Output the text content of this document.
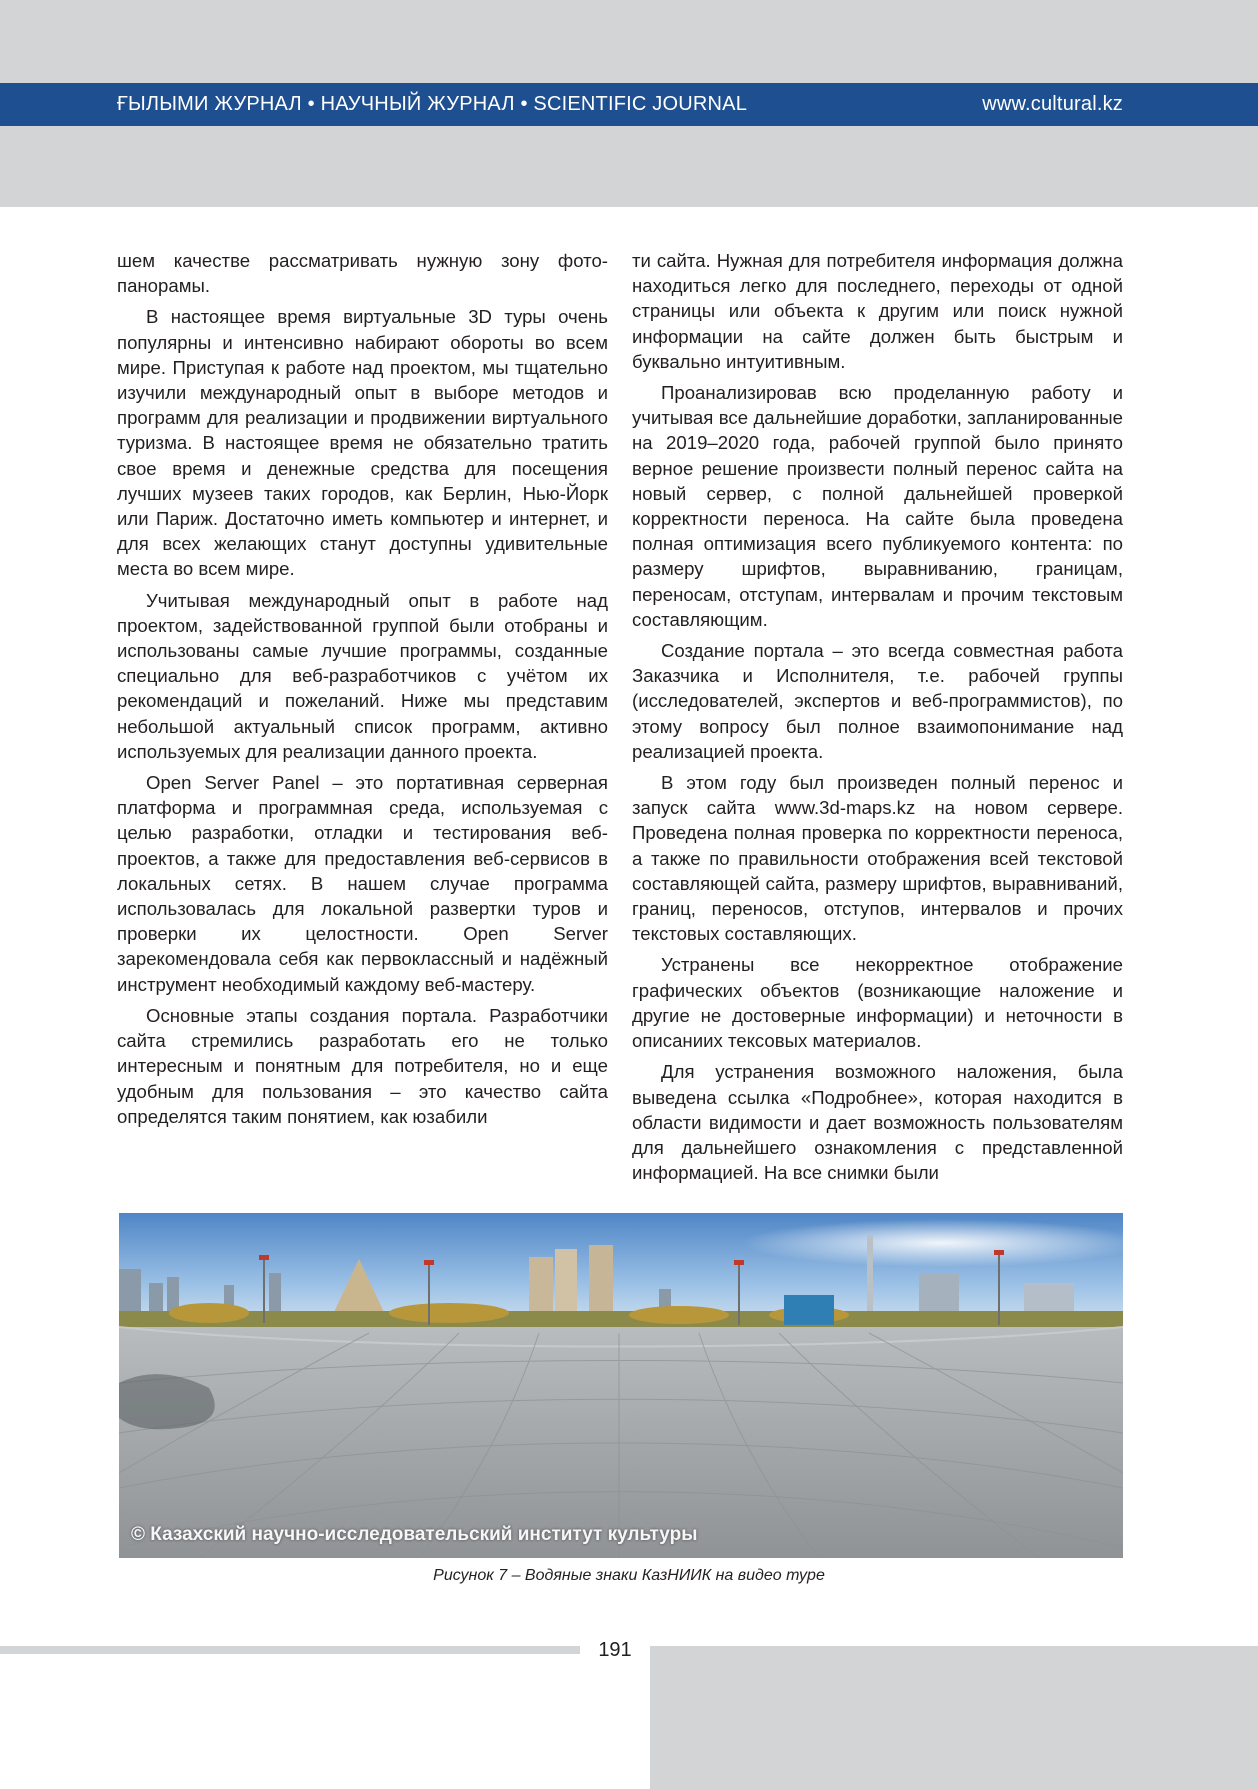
ҒЫЛЫМИ ЖУРНАЛ • НАУЧНЫЙ ЖУРНАЛ • SCIENTIFIC JOURNAL	www.cultural.kz

шем качестве рассматривать нужную зону фотопанорамы.

В настоящее время виртуальные 3D туры очень популярны и интенсивно набирают обороты во всем мире. Приступая к работе над проектом, мы тщательно изучили международный опыт в выборе методов и программ для реализации и продвижении виртуального туризма. В настоящее время не обязательно тратить свое время и денежные средства для посещения лучших музеев таких городов, как Берлин, Нью-Йорк или Париж. Достаточно иметь компьютер и интернет, и для всех желающих станут доступны удивительные места во всем мире.

Учитывая международный опыт в работе над проектом, задействованной группой были отобраны и использованы самые лучшие программы, созданные специально для веб-разработчиков с учётом их рекомендаций и пожеланий. Ниже мы представим небольшой актуальный список программ, активно используемых для реализации данного проекта.

Open Server Panel – это портативная серверная платформа и программная среда, используемая с целью разработки, отладки и тестирования веб-проектов, а также для предоставления веб-сервисов в локальных сетях. В нашем случае программа использовалась для локальной развертки туров и проверки их целостности. Open Server зарекомендовала себя как первоклассный и надёжный инструмент необходимый каждому веб-мастеру.

Основные этапы создания портала. Разработчики сайта стремились разработать его не только интересным и понятным для потребителя, но и еще удобным для пользования – это качество сайта определятся таким понятием, как юзабили

ти сайта. Нужная для потребителя информация должна находиться легко для последнего, переходы от одной страницы или объекта к другим или поиск нужной информации на сайте должен быть быстрым и буквально интуитивным.

Проанализировав всю проделанную работу и учитывая все дальнейшие доработки, запланированные на 2019–2020 года, рабочей группой было принято верное решение произвести полный перенос сайта на новый сервер, с полной дальнейшей проверкой корректности переноса. На сайте была проведена полная оптимизация всего публикуемого контента: по размеру шрифтов, выравниванию, границам, переносам, отступам, интервалам и прочим текстовым составляющим.

Создание портала – это всегда совместная работа Заказчика и Исполнителя, т.е. рабочей группы (исследователей, экспертов и веб-программистов), по этому вопросу был полное взаимопонимание над реализацией проекта.

В этом году был произведен полный перенос и запуск сайта www.3d-maps.kz на новом сервере. Проведена полная проверка по корректности переноса, а также по правильности отображения всей текстовой составляющей сайта, размеру шрифтов, выравниваний, границ, переносов, отступов, интервалов и прочих текстовых составляющих.

Устранены все некорректное отображение графических объектов (возникающие наложение и другие не достоверные информации) и неточности в описаниих тексовых материалов.

Для устранения возможного наложения, была выведена ссылка «Подробнее», которая находится в области видимости и дает возможность пользователям для дальнейшего ознакомления с представленной информацией. На все снимки были

© Казахский научно-исследовательский институт культуры
Рисунок 7 – Водяные знаки КазНИИК на видео туре
191
